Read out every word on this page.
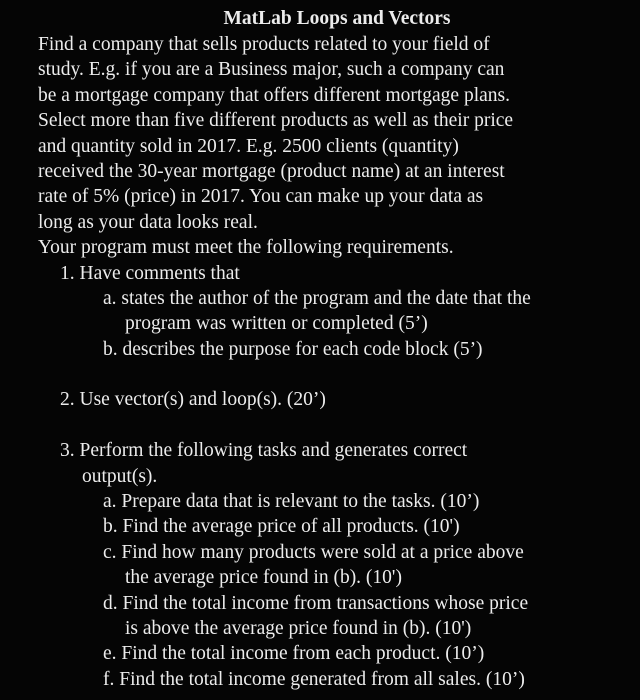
MatLab Loops and Vectors

Find a company that sells products related to your field of

study. E.g. if you are a Business major, such a company can

be a mortgage company that offers different mortgage plans.

Select more than five different products as well as their price

and quantity sold in 2017. E.g. 2500 clients (quantity)

received the 30-year mortgage (product name) at an interest

rate of 5% (price) in 2017. You can make up your data as

long as your data looks real.

Your program must meet the following requirements.

1. Have comments that

a. states the author of the program and the date that the

program was written or completed (5’)

b. describes the purpose for each code block (5’)

2. Use vector(s) and loop(s). (20’)

3. Perform the following tasks and generates correct

output(s).

a. Prepare data that is relevant to the tasks. (10’)

b. Find the average price of all products. (10')

c. Find how many products were sold at a price above

the average price found in (b). (10')

d. Find the total income from transactions whose price

is above the average price found in (b). (10')

e. Find the total income from each product. (10’)

f. Find the total income generated from all sales. (10’)
